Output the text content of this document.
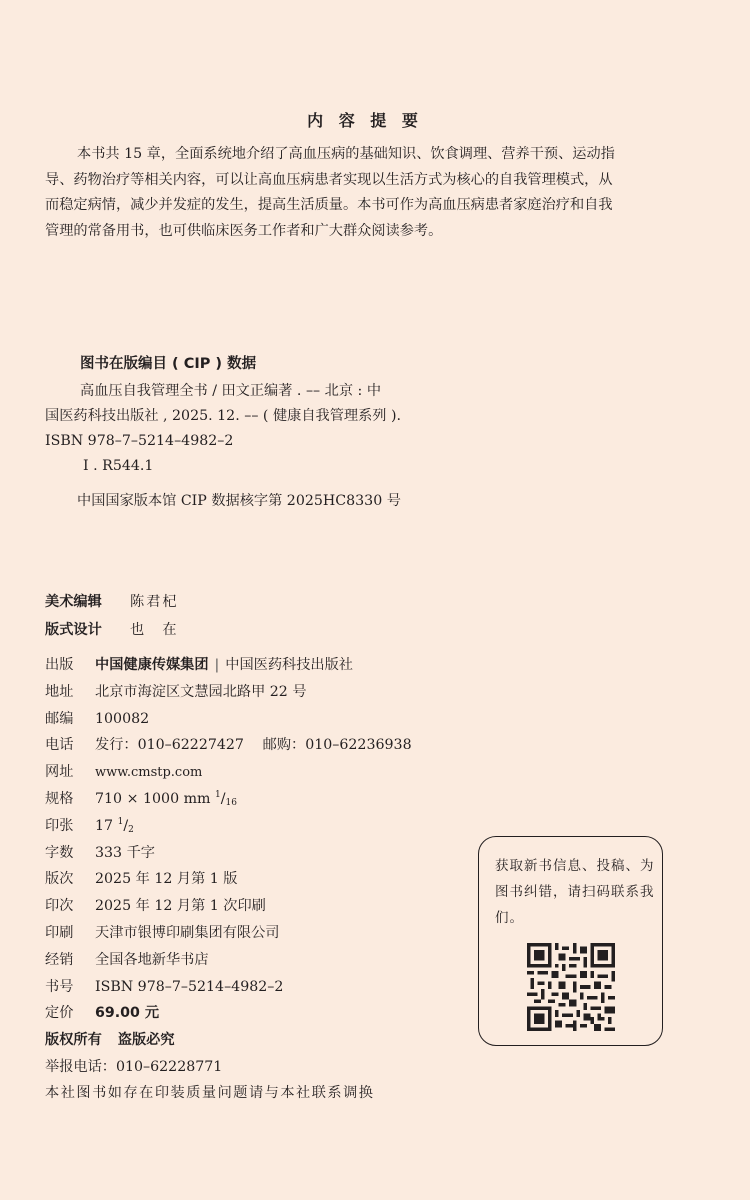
内 容 提 要
本书共 15 章，全面系统地介绍了高血压病的基础知识、饮食调理、营养干预、运动指
导、药物治疗等相关内容，可以让高血压病患者实现以生活方式为核心的自我管理模式，从
而稳定病情，减少并发症的发生，提高生活质量。本书可作为高血压病患者家庭治疗和自我
管理的常备用书，也可供临床医务工作者和广大群众阅读参考。
图书在版编目 ( CIP ) 数据
高血压自我管理全书 / 田文正编著 . –– 北京 : 中
国医药科技出版社 , 2025. 12. –– ( 健康自我管理系列 ).
ISBN 978–7–5214–4982–2
Ⅰ . R544.1
中国国家版本馆 CIP 数据核字第 2025HC8330 号
美术编辑 陈君杞
版式设计 也　在
出版 中国健康传媒集团 | 中国医药科技出版社
地址 北京市海淀区文慧园北路甲 22 号
邮编 100082
电话 发行：010–62227427　 邮购：010–62236938
网址 www.cmstp.com
规格 710 × 1000 mm $^1/_{16}$
印张 17 $^1/_2$
字数 333 千字
版次 2025 年 12 月第 1 版
印次 2025 年 12 月第 1 次印刷
印刷 天津市银博印刷集团有限公司
经销 全国各地新华书店
书号 ISBN 978–7–5214–4982–2
定价 69.00 元
版权所有 盗版必究
举报电话：010–62228771
获取新书信息、投稿、为图书纠错，请扫码联系我们。
本社图书如存在印装质量问题请与本社联系调换
